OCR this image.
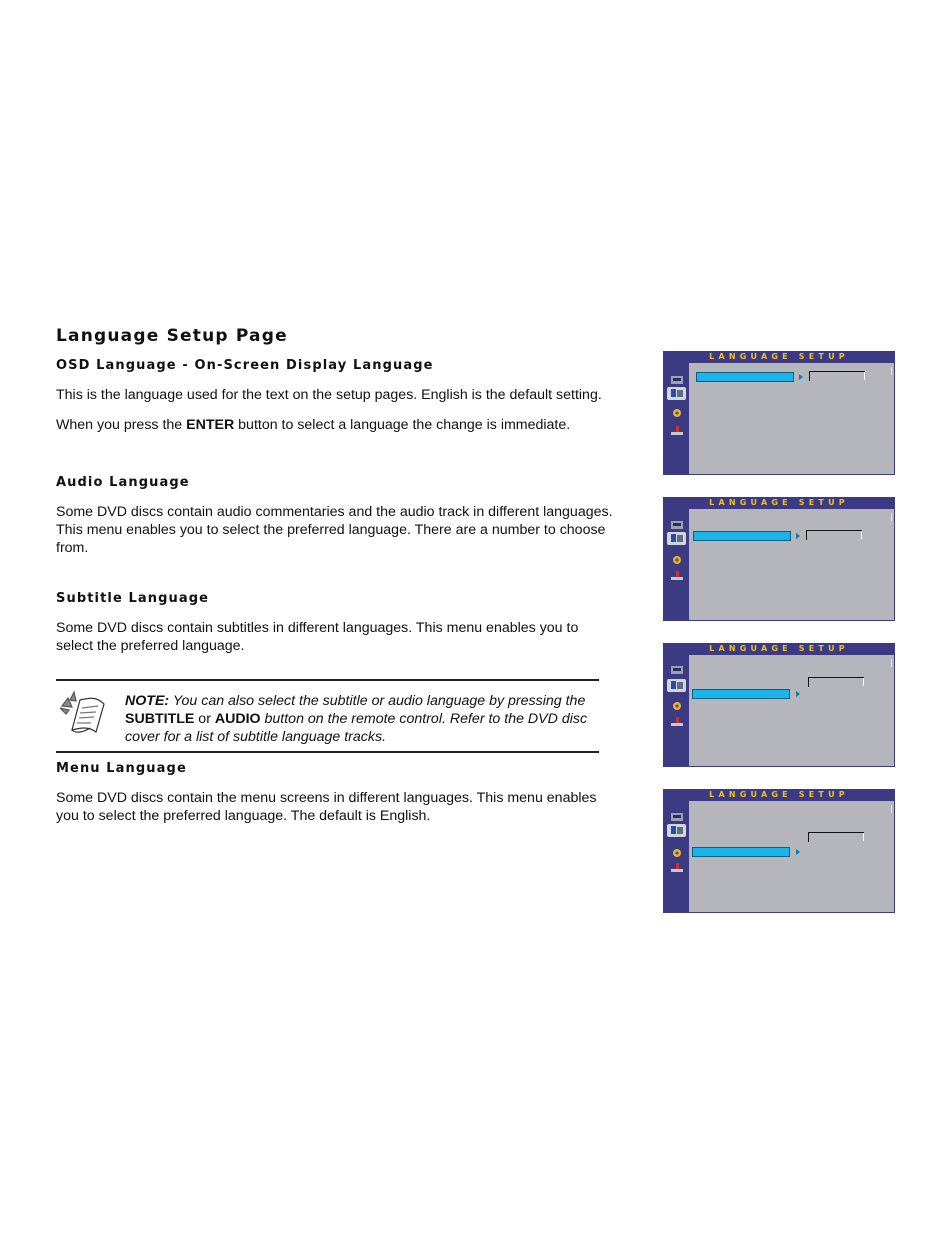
Language Setup Page
OSD Language - On-Screen Display Language
This is the language used for the text on the setup pages. English is the default setting.
When you press the ENTER button to select a language the change is immediate.
Audio Language
Some DVD discs contain audio commentaries and the audio track in different languages.
This menu enables you to select the preferred language. There are a number to choose
from.
Subtitle Language
Some DVD discs contain subtitles in different languages. This menu enables you to
select the preferred language.
NOTE: You can also select the subtitle or audio language by pressing the
SUBTITLE or AUDIO button on the remote control. Refer to the DVD disc
cover for a list of subtitle language tracks.
Menu Language
Some DVD discs contain the menu screens in different languages. This menu enables
you to select the preferred language. The default is English.
LANGUAGE SETUP
LANGUAGE SETUP
LANGUAGE SETUP
LANGUAGE SETUP
